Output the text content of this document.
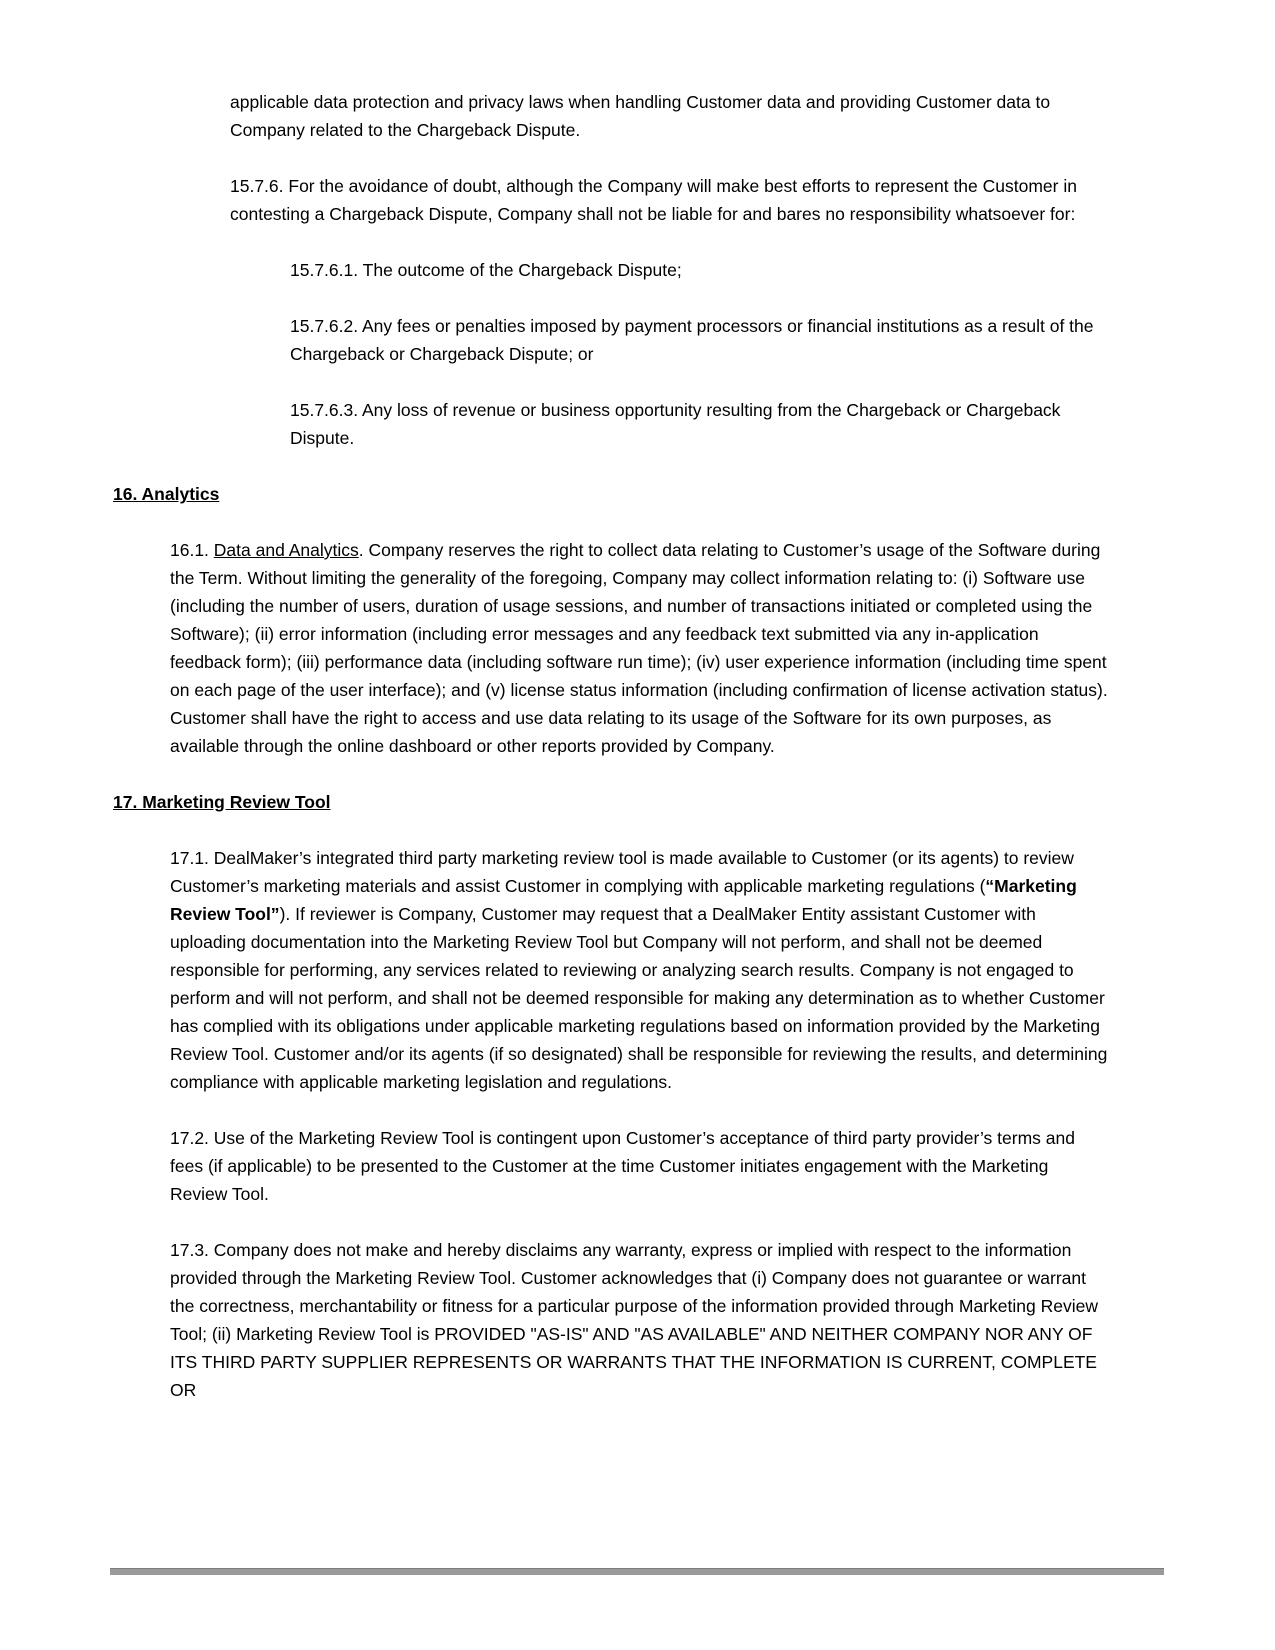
applicable data protection and privacy laws when handling Customer data and providing Customer data to Company related to the Chargeback Dispute.

15.7.6. For the avoidance of doubt, although the Company will make best efforts to represent the Customer in contesting a Chargeback Dispute, Company shall not be liable for and bares no responsibility whatsoever for:

15.7.6.1. The outcome of the Chargeback Dispute;

15.7.6.2. Any fees or penalties imposed by payment processors or financial institutions as a result of the Chargeback or Chargeback Dispute; or

15.7.6.3. Any loss of revenue or business opportunity resulting from the Chargeback or Chargeback Dispute.

16. Analytics

16.1. Data and Analytics. Company reserves the right to collect data relating to Customer’s usage of the Software during the Term. Without limiting the generality of the foregoing, Company may collect information relating to: (i) Software use (including the number of users, duration of usage sessions, and number of transactions initiated or completed using the Software); (ii) error information (including error messages and any feedback text submitted via any in-application feedback form); (iii) performance data (including software run time); (iv) user experience information (including time spent on each page of the user interface); and (v) license status information (including confirmation of license activation status). Customer shall have the right to access and use data relating to its usage of the Software for its own purposes, as available through the online dashboard or other reports provided by Company.

17. Marketing Review Tool

17.1. DealMaker’s integrated third party marketing review tool is made available to Customer (or its agents) to review Customer’s marketing materials and assist Customer in complying with applicable marketing regulations (“Marketing Review Tool”). If reviewer is Company, Customer may request that a DealMaker Entity assistant Customer with uploading documentation into the Marketing Review Tool but Company will not perform, and shall not be deemed responsible for performing, any services related to reviewing or analyzing search results. Company is not engaged to perform and will not perform, and shall not be deemed responsible for making any determination as to whether Customer has complied with its obligations under applicable marketing regulations based on information provided by the Marketing Review Tool. Customer and/or its agents (if so designated) shall be responsible for reviewing the results, and determining compliance with applicable marketing legislation and regulations.

17.2. Use of the Marketing Review Tool is contingent upon Customer’s acceptance of third party provider’s terms and fees (if applicable) to be presented to the Customer at the time Customer initiates engagement with the Marketing Review Tool.

17.3. Company does not make and hereby disclaims any warranty, express or implied with respect to the information provided through the Marketing Review Tool. Customer acknowledges that (i) Company does not guarantee or warrant the correctness, merchantability or fitness for a particular purpose of the information provided through Marketing Review Tool; (ii) Marketing Review Tool is PROVIDED "AS-IS" AND "AS AVAILABLE" AND NEITHER COMPANY NOR ANY OF ITS THIRD PARTY SUPPLIER REPRESENTS OR WARRANTS THAT THE INFORMATION IS CURRENT, COMPLETE OR
